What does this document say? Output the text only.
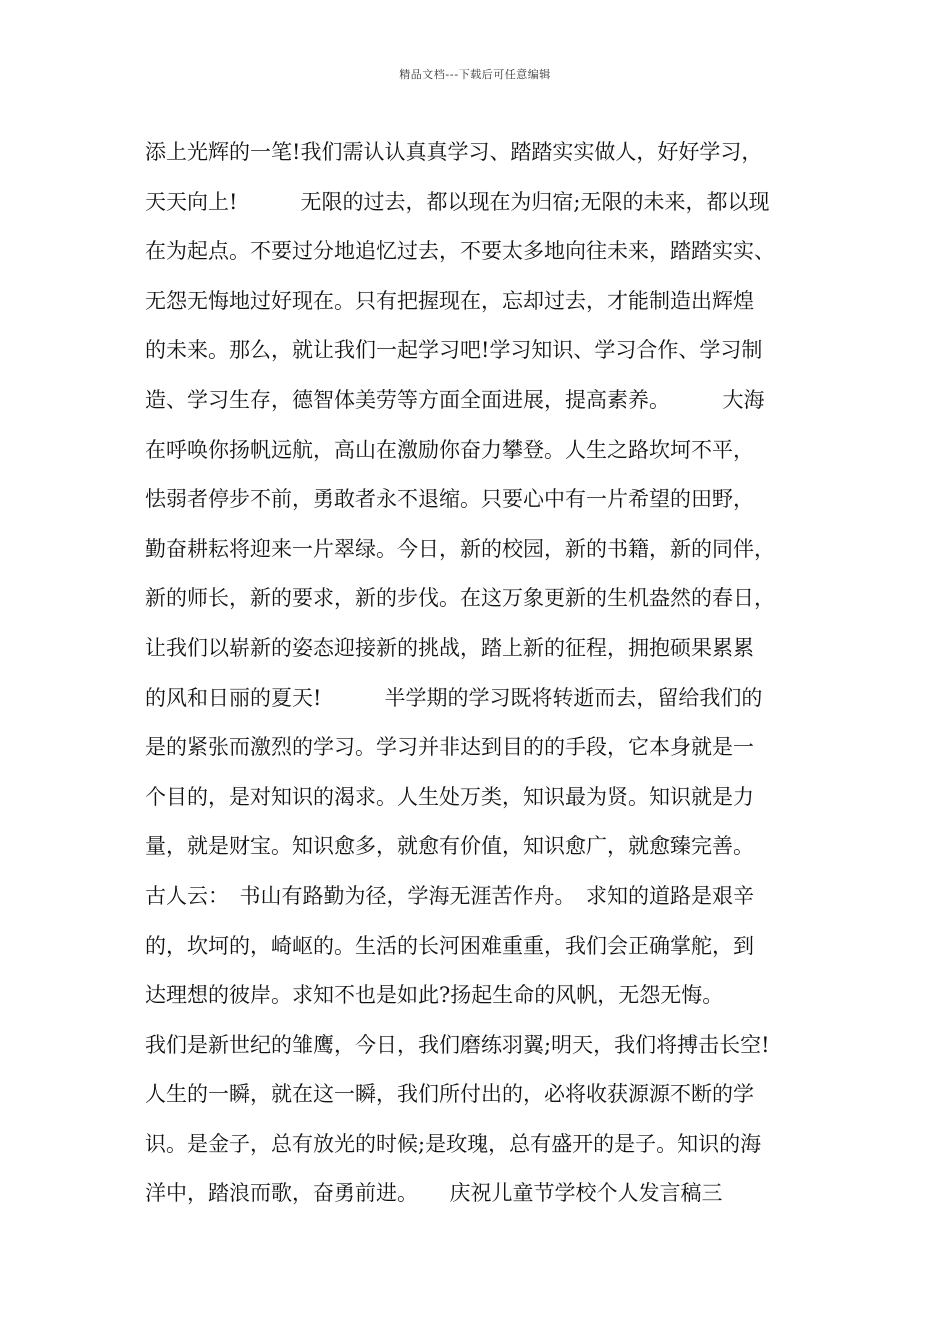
精品文档---下载后可任意编辑
添上光辉的一笔!我们需认认真真学习、踏踏实实做人，好好学习，
天天向上!　　　无限的过去，都以现在为归宿;无限的未来，都以现
在为起点。不要过分地追忆过去，不要太多地向往未来，踏踏实实、
无怨无悔地过好现在。只有把握现在，忘却过去，才能制造出辉煌
的未来。那么，就让我们一起学习吧!学习知识、学习合作、学习制
造、学习生存，德智体美劳等方面全面进展，提高素养。　　　大海
在呼唤你扬帆远航，高山在激励你奋力攀登。人生之路坎坷不平，
怯弱者停步不前，勇敢者永不退缩。只要心中有一片希望的田野，
勤奋耕耘将迎来一片翠绿。今日，新的校园，新的书籍，新的同伴，
新的师长，新的要求，新的步伐。在这万象更新的生机盎然的春日，
让我们以崭新的姿态迎接新的挑战，踏上新的征程，拥抱硕果累累
的风和日丽的夏天!　　　半学期的学习既将转逝而去，留给我们的
是的紧张而激烈的学习。学习并非达到目的的手段，它本身就是一
个目的，是对知识的渴求。人生处万类，知识最为贤。知识就是力
量，就是财宝。知识愈多，就愈有价值，知识愈广，就愈臻完善。
古人云：　书山有路勤为径，学海无涯苦作舟。　求知的道路是艰辛
的，坎坷的，崎岖的。生活的长河困难重重，我们会正确掌舵，到
达理想的彼岸。求知不也是如此?扬起生命的风帆，无怨无悔。
我们是新世纪的雏鹰，今日，我们磨练羽翼;明天，我们将搏击长空!
人生的一瞬，就在这一瞬，我们所付出的，必将收获源源不断的学
识。是金子，总有放光的时候;是玫瑰，总有盛开的是子。知识的海
洋中，踏浪而歌，奋勇前进。　　庆祝儿童节学校个人发言稿三
